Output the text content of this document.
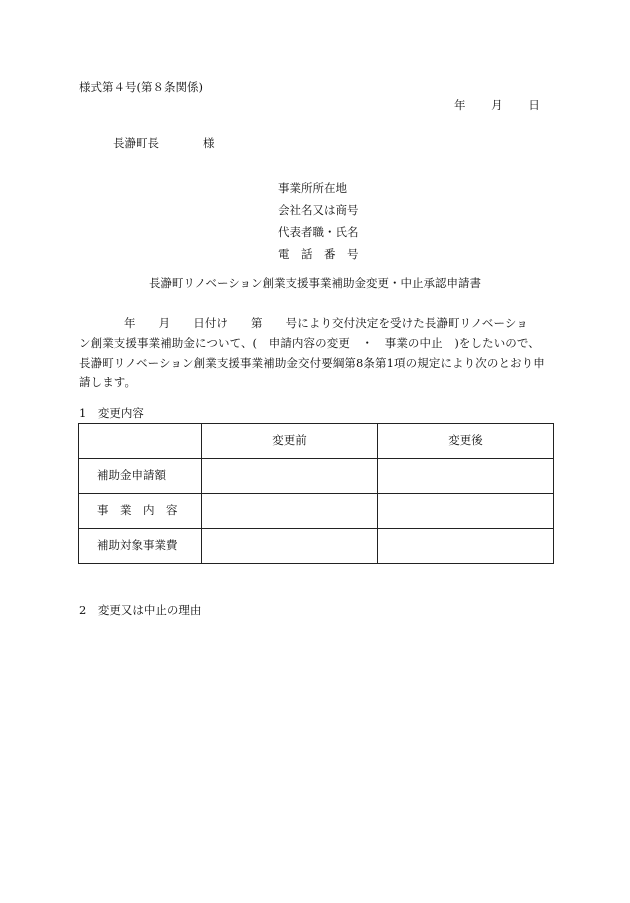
様式第４号(第８条関係)
年 月 日
長瀞町長	様
事業所所在地
会社名又は商号
代表者職・氏名
電　話　番　号
長瀞町リノベーション創業支援事業補助金変更・中止承認申請書
年 月 日付け 第 号により交付決定を受けた長瀞町リノベーショ
ン創業支援事業補助金について、(　申請内容の変更　・　事業の中止　)をしたいので、
長瀞町リノベーション創業支援事業補助金交付要綱第8条第1項の規定により次のとおり申
請します。
1　変更内容
	変更前	変更後
補助金申請額		
事　業　内　容		
補助対象事業費		
2　変更又は中止の理由
